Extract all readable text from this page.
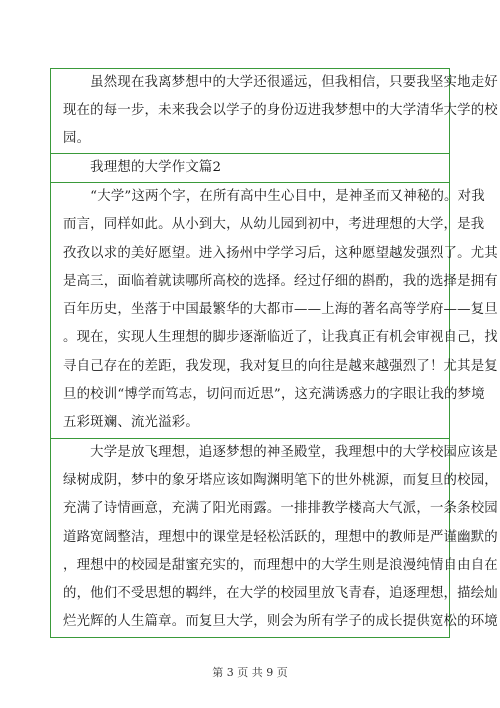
　　虽然现在我离梦想中的大学还很遥远，但我相信，只要我坚实地走好
现在的每一步，未来我会以学子的身份迈进我梦想中的大学清华大学的校
园。
　　我理想的大学作文篇2
　　“大学”这两个字，在所有高中生心目中，是神圣而又神秘的。对我
而言，同样如此。从小到大，从幼儿园到初中，考进理想的大学，是我
孜孜以求的美好愿望。进入扬州中学学习后，这种愿望越发强烈了。尤其
是高三，面临着就读哪所高校的选择。经过仔细的斟酌，我的选择是拥有
百年历史，坐落于中国最繁华的大都市——上海的著名高等学府——复旦
。现在，实现人生理想的脚步逐渐临近了，让我真正有机会审视自己，找
寻自己存在的差距，我发现，我对复旦的向往是越来越强烈了！尤其是复
旦的校训“博学而笃志，切问而近思”，这充满诱惑力的字眼让我的梦境
五彩斑斓、流光溢彩。
　　大学是放飞理想，追逐梦想的神圣殿堂，我理想中的大学校园应该是
绿树成阴，梦中的象牙塔应该如陶渊明笔下的世外桃源，而复旦的校园，
充满了诗情画意，充满了阳光雨露。一排排教学楼高大气派，一条条校园
道路宽阔整洁，理想中的课堂是轻松活跃的，理想中的教师是严谨幽默的
，理想中的校园是甜蜜充实的，而理想中的大学生则是浪漫纯情自由自在
的，他们不受思想的羁绊，在大学的校园里放飞青春，追逐理想，描绘灿
烂光辉的人生篇章。而复旦大学，则会为所有学子的成长提供宽松的环境
第 3 页 共 9 页
